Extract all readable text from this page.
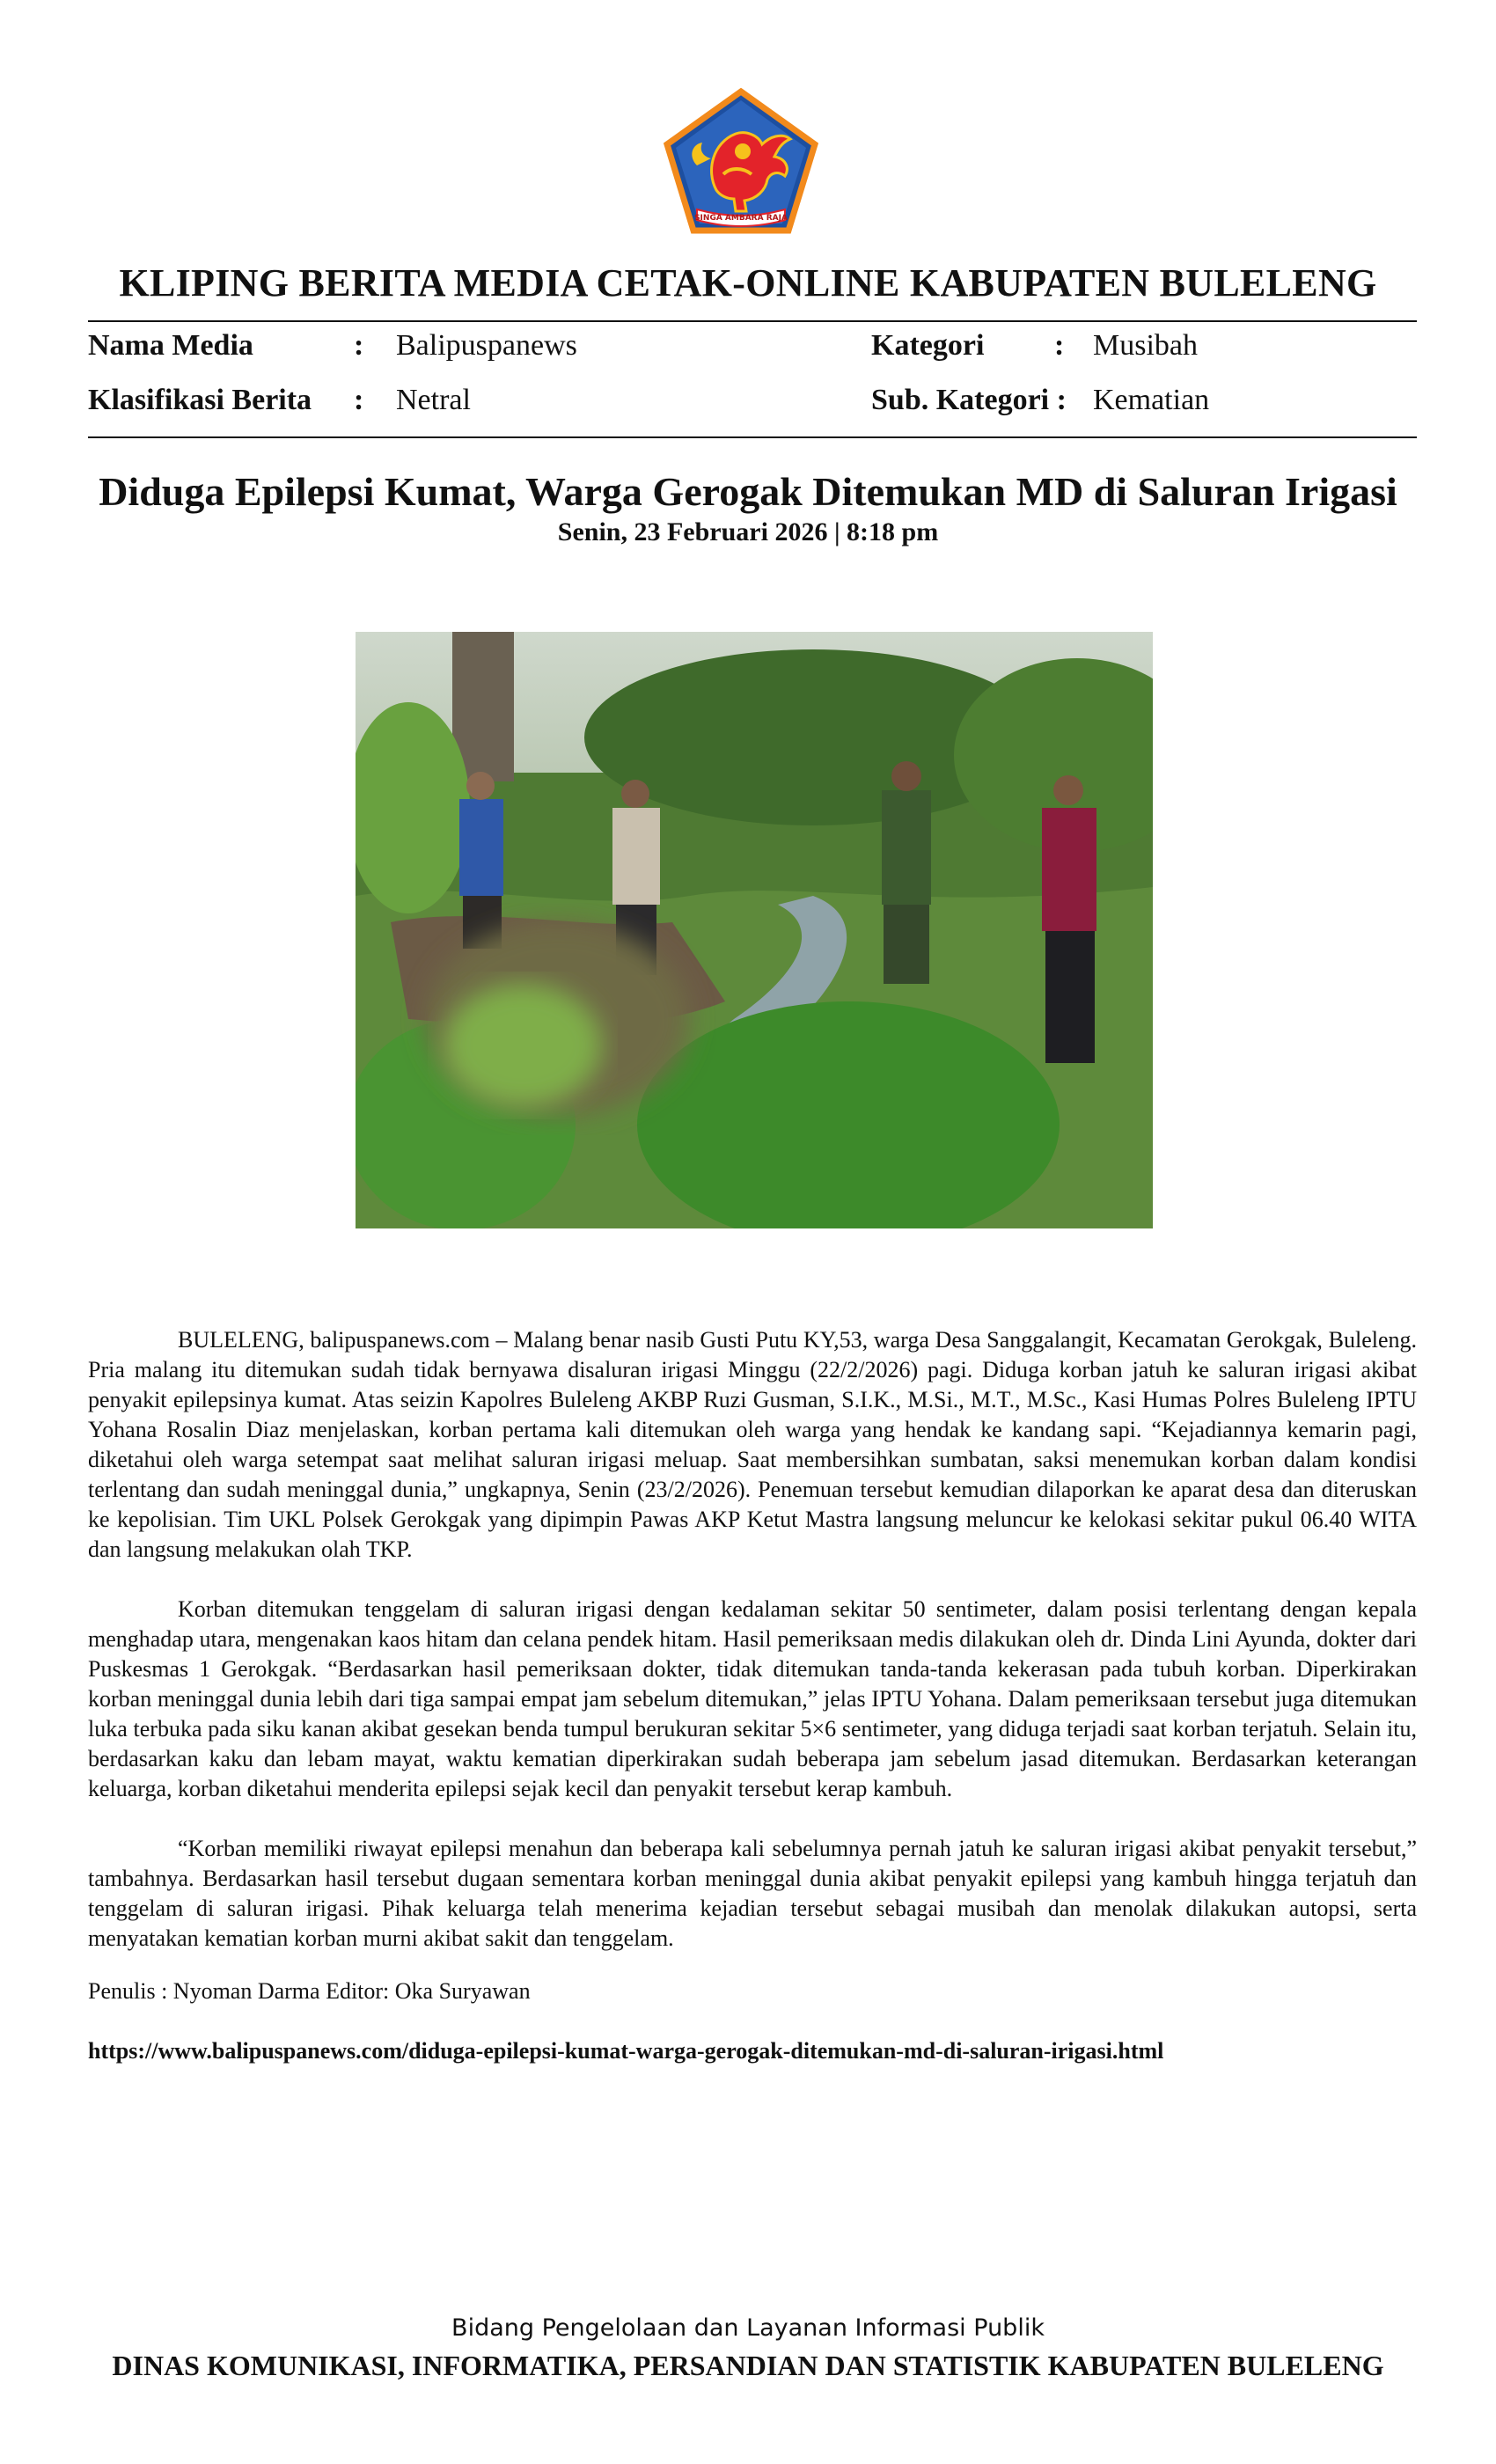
SINGA AMBARA RAJA
KLIPING BERITA MEDIA CETAK-ONLINE KABUPATEN BULELENG
Nama Media	: Balipuspanews	Kategori : Musibah
Klasifikasi Berita : Netral	Sub. Kategori : Kematian
Diduga Epilepsi Kumat, Warga Gerogak Ditemukan MD di Saluran Irigasi
Senin, 23 Februari 2026 | 8:18 pm

BULELENG, balipuspanews.com – Malang benar nasib Gusti Putu KY,53, warga Desa Sanggalangit, Kecamatan Gerokgak, Buleleng. Pria malang itu ditemukan sudah tidak bernyawa disaluran irigasi Minggu (22/2/2026) pagi. Diduga korban jatuh ke saluran irigasi akibat penyakit epilepsinya kumat. Atas seizin Kapolres Buleleng AKBP Ruzi Gusman, S.I.K., M.Si., M.T., M.Sc., Kasi Humas Polres Buleleng IPTU Yohana Rosalin Diaz menjelaskan, korban pertama kali ditemukan oleh warga yang hendak ke kandang sapi. “Kejadiannya kemarin pagi, diketahui oleh warga setempat saat melihat saluran irigasi meluap. Saat membersihkan sumbatan, saksi menemukan korban dalam kondisi terlentang dan sudah meninggal dunia,” ungkapnya, Senin (23/2/2026). Penemuan tersebut kemudian dilaporkan ke aparat desa dan diteruskan ke kepolisian. Tim UKL Polsek Gerokgak yang dipimpin Pawas AKP Ketut Mastra langsung meluncur ke kelokasi sekitar pukul 06.40 WITA dan langsung melakukan olah TKP.

Korban ditemukan tenggelam di saluran irigasi dengan kedalaman sekitar 50 sentimeter, dalam posisi terlentang dengan kepala menghadap utara, mengenakan kaos hitam dan celana pendek hitam. Hasil pemeriksaan medis dilakukan oleh dr. Dinda Lini Ayunda, dokter dari Puskesmas 1 Gerokgak. “Berdasarkan hasil pemeriksaan dokter, tidak ditemukan tanda-tanda kekerasan pada tubuh korban. Diperkirakan korban meninggal dunia lebih dari tiga sampai empat jam sebelum ditemukan,” jelas IPTU Yohana. Dalam pemeriksaan tersebut juga ditemukan luka terbuka pada siku kanan akibat gesekan benda tumpul berukuran sekitar 5×6 sentimeter, yang diduga terjadi saat korban terjatuh. Selain itu, berdasarkan kaku dan lebam mayat, waktu kematian diperkirakan sudah beberapa jam sebelum jasad ditemukan. Berdasarkan keterangan keluarga, korban diketahui menderita epilepsi sejak kecil dan penyakit tersebut kerap kambuh.

“Korban memiliki riwayat epilepsi menahun dan beberapa kali sebelumnya pernah jatuh ke saluran irigasi akibat penyakit tersebut,” tambahnya. Berdasarkan hasil tersebut dugaan sementara korban meninggal dunia akibat penyakit epilepsi yang kambuh hingga terjatuh dan tenggelam di saluran irigasi. Pihak keluarga telah menerima kejadian tersebut sebagai musibah dan menolak dilakukan autopsi, serta menyatakan kematian korban murni akibat sakit dan tenggelam.

Penulis : Nyoman Darma Editor: Oka Suryawan
https://www.balipuspanews.com/diduga-epilepsi-kumat-warga-gerogak-ditemukan-md-di-saluran-irigasi.html
Bidang Pengelolaan dan Layanan Informasi Publik
DINAS KOMUNIKASI, INFORMATIKA, PERSANDIAN DAN STATISTIK KABUPATEN BULELENG
